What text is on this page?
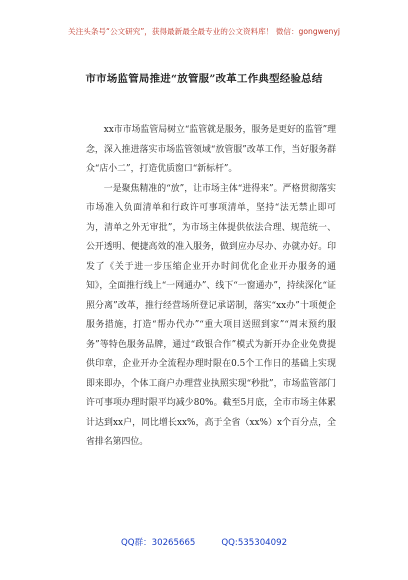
关注头条号“公文研究”，获得最新最全最专业的公文资料库！ 微信：gongwenyj
市市场监管局推进“放管服”改革工作典型经验总结

xx市市场监管局树立“监管就是服务，服务是更好的监管”理念，深入推进落实市场监管领域“放管服”改革工作，当好服务群众“店小二”，打造优质窗口“新标杆”。

一是聚焦精准的“放”，让市场主体“进得来”。严格贯彻落实市场准入负面清单和行政许可事项清单，坚持“法无禁止即可为，清单之外无审批”，为市场主体提供依法合理、规范统一、公开透明、便捷高效的准入服务，做到应办尽办、办就办好。印发了《关于进一步压缩企业开办时间优化企业开办服务的通知》，全面推行线上“一网通办”、线下“一窗通办”，持续深化“证照分离”改革，推行经营场所登记承诺制，落实“xx办”十项便企服务措施，打造“帮办代办”“重大项目送照到家”“周末预约服务”等特色服务品牌，通过“政银合作”模式为新开办企业免费提供印章，企业开办全流程办理时限在0.5个工作日的基础上实现即来即办，个体工商户办理营业执照实现“秒批”，市场监管部门许可事项办理时限平均减少80%。截至5月底，全市市场主体累计达到xx户，同比增长xx%，高于全省（xx%）x个百分点，全省排名第四位。

QQ群：30265665	QQ:535304092
